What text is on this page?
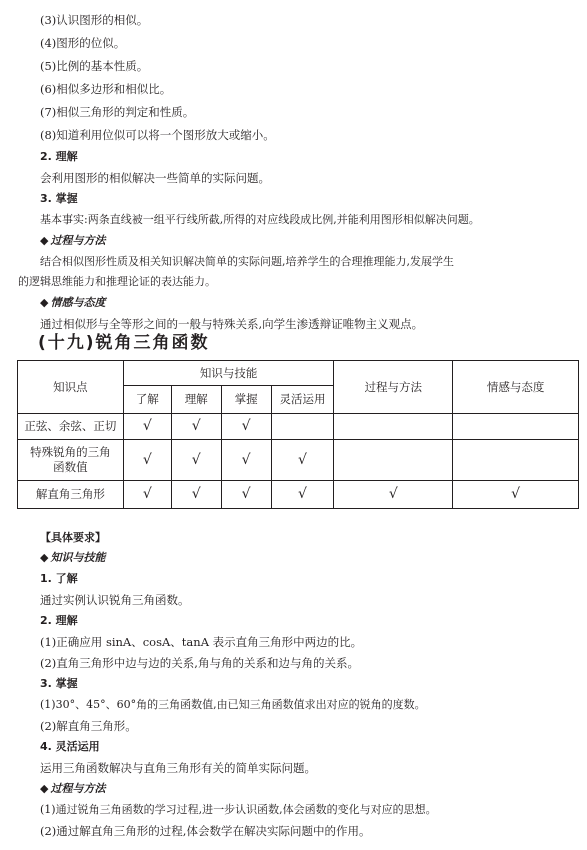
(3)认识图形的相似。
(4)图形的位似。
(5)比例的基本性质。
(6)相似多边形和相似比。
(7)相似三角形的判定和性质。
(8)知道利用位似可以将一个图形放大或缩小。
2. 理解
会利用图形的相似解决一些简单的实际问题。
3. 掌握
基本事实:两条直线被一组平行线所截,所得的对应线段成比例,并能利用图形相似解决问题。
◆ 过程与方法
结合相似图形性质及相关知识解决简单的实际问题,培养学生的合理推理能力,发展学生
的逻辑思维能力和推理论证的表达能力。
◆ 情感与态度
通过相似形与全等形之间的一般与特殊关系,向学生渗透辩证唯物主义观点。
(十九)锐角三角函数
知识点	知识与技能				过程与方法	情感与态度
	了解	理解	掌握	灵活运用		
正弦、余弦、正切	√	√	√			

特殊锐角的三角
函数值	√	√	√	√		
解直角三角形	√	√	√	√	√	√
【具体要求】
◆ 知识与技能
1. 了解
通过实例认识锐角三角函数。
2. 理解
(1)正确应用 sinA、cosA、tanA 表示直角三角形中两边的比。
(2)直角三角形中边与边的关系,角与角的关系和边与角的关系。
3. 掌握
(1)30°、45°、60°角的三角函数值,由已知三角函数值求出对应的锐角的度数。
(2)解直角三角形。
4. 灵活运用
运用三角函数解决与直角三角形有关的简单实际问题。
◆ 过程与方法
(1)通过锐角三角函数的学习过程,进一步认识函数,体会函数的变化与对应的思想。
(2)通过解直角三角形的过程,体会数学在解决实际问题中的作用。
